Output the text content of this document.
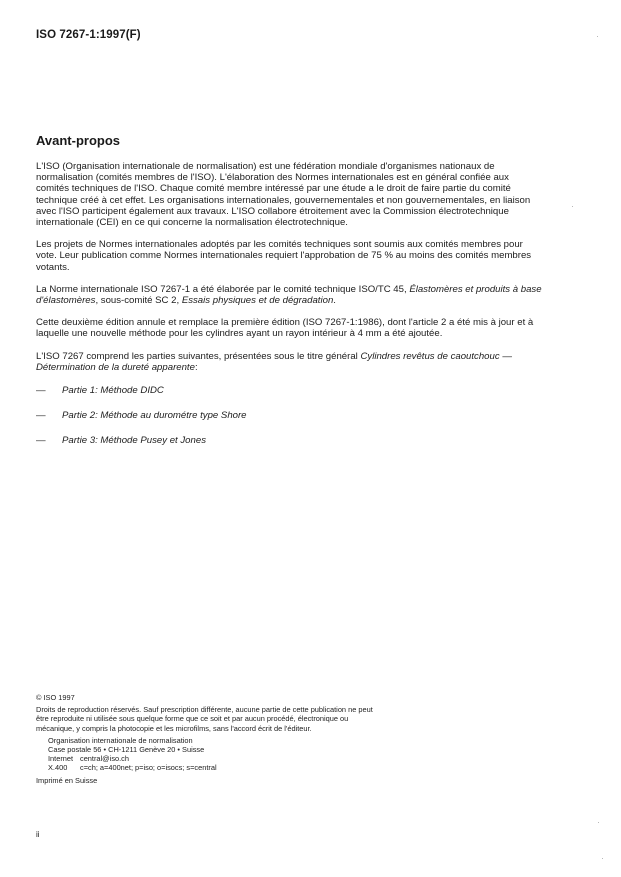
ISO 7267-1:1997(F)
Avant-propos

L'ISO (Organisation internationale de normalisation) est une fédération mondiale d'organismes nationaux de normalisation (comités membres de l'ISO). L'élaboration des Normes internationales est en général confiée aux comités techniques de l'ISO. Chaque comité membre intéressé par une étude a le droit de faire partie du comité technique créé à cet effet. Les organisations internationales, gouvernementales et non gouvernementales, en liaison avec l'ISO participent également aux travaux. L'ISO collabore étroitement avec la Commission électrotechnique internationale (CEI) en ce qui concerne la normalisation électrotechnique.

Les projets de Normes internationales adoptés par les comités techniques sont soumis aux comités membres pour vote. Leur publication comme Normes internationales requiert l'approbation de 75 % au moins des comités membres votants.

La Norme internationale ISO 7267-1 a été élaborée par le comité technique ISO/TC 45, Élastomères et produits à base d'élastomères, sous-comité SC 2, Essais physiques et de dégradation.

Cette deuxième édition annule et remplace la première édition (ISO 7267-1:1986), dont l'article 2 a été mis à jour et à laquelle une nouvelle méthode pour les cylindres ayant un rayon intérieur à 4 mm a été ajoutée.

L'ISO 7267 comprend les parties suivantes, présentées sous le titre général Cylindres revêtus de caoutchouc — Détermination de la dureté apparente:

—	Partie 1: Méthode DIDC
—	Partie 2: Méthode au durométre type Shore
—	Partie 3: Méthode Pusey et Jones
© ISO 1997
Droits de reproduction réservés. Sauf prescription différente, aucune partie de cette publication ne peut être reproduite ni utilisée sous quelque forme que ce soit et par aucun procédé, électronique ou mécanique, y compris la photocopie et les microfilms, sans l'accord écrit de l'éditeur.
Organisation internationale de normalisation
Case postale 56 • CH-1211 Genève 20 • Suisse
Internet central@iso.ch
X.400	c=ch; a=400net; p=iso; o=isocs; s=central
Imprimé en Suisse
ii
